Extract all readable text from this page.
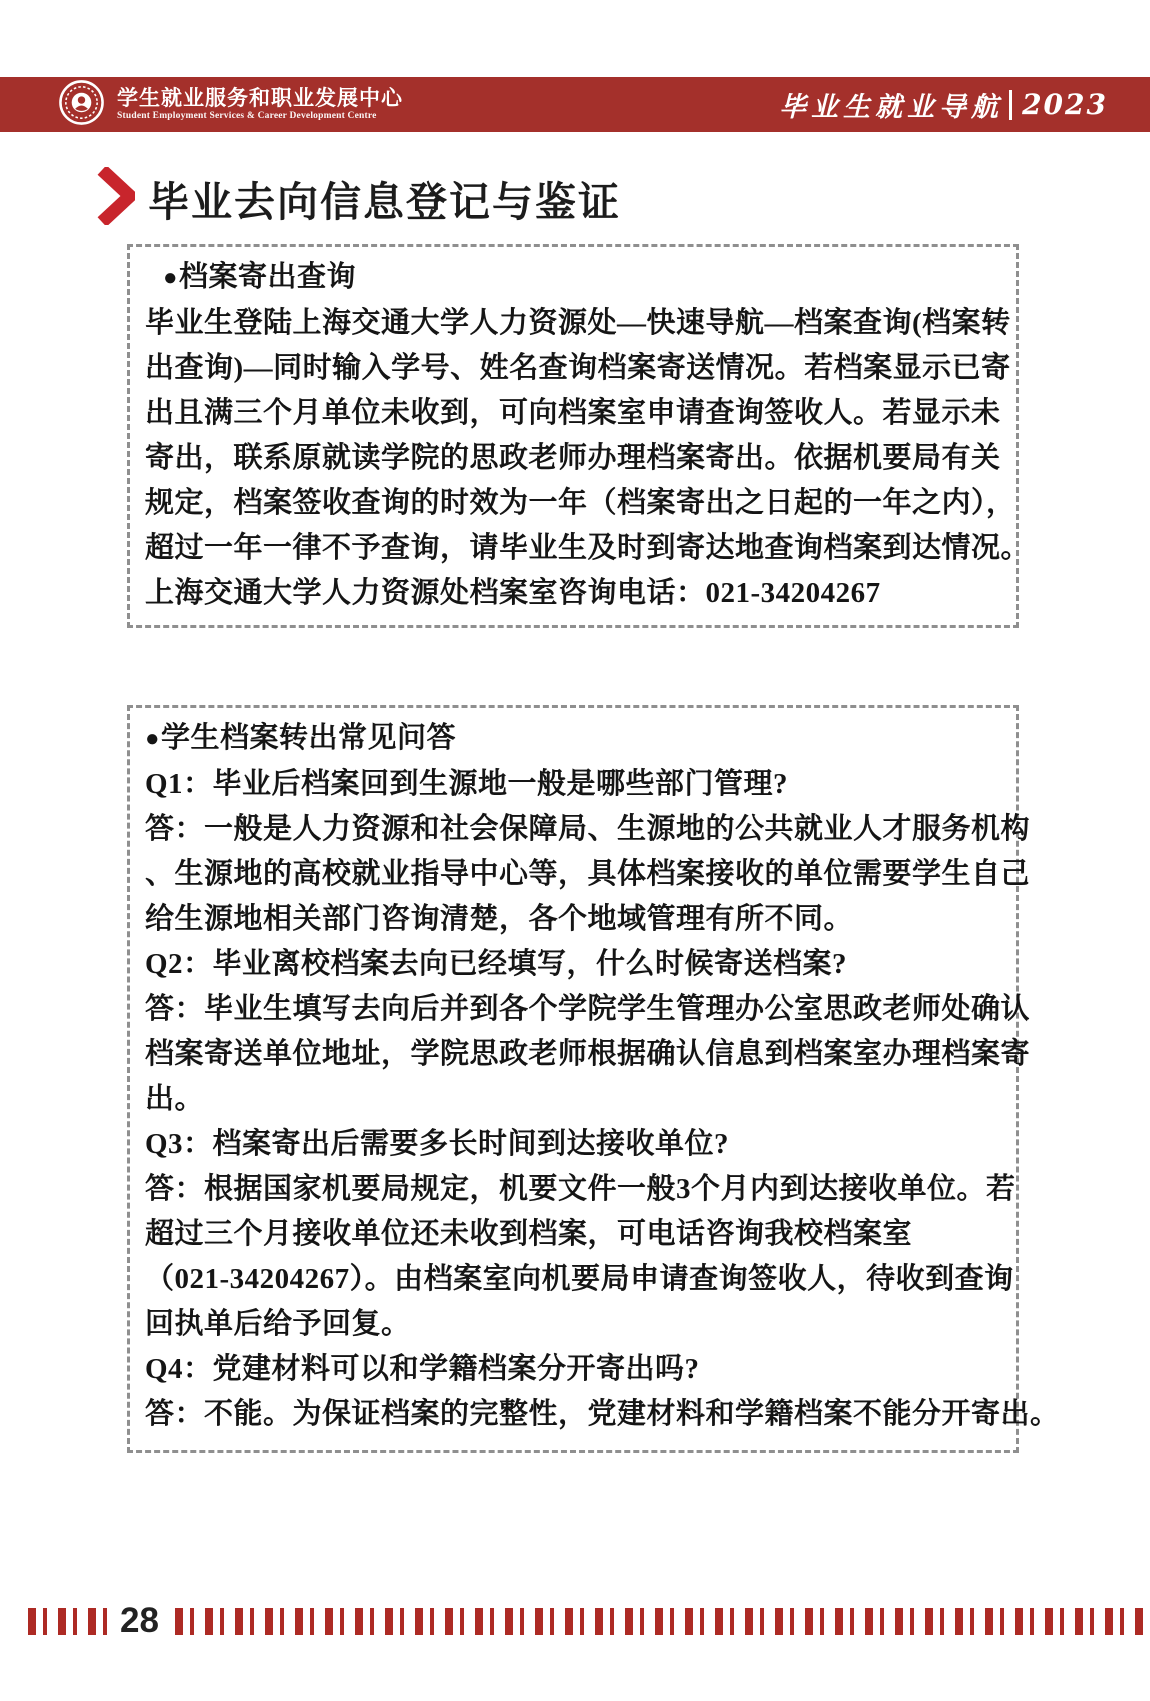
学生就业服务和职业发展中心
Student Employment Services & Career Development Centre	毕业生就业导航 2023
毕业去向信息登记与鉴证
●档案寄出查询
毕业生登陆上海交通大学人力资源处—快速导航—档案查询(档案转
出查询)—同时输入学号、姓名查询档案寄送情况。若档案显示已寄
出且满三个月单位未收到，可向档案室申请查询签收人。若显示未
寄出，联系原就读学院的思政老师办理档案寄出。依据机要局有关
规定，档案签收查询的时效为一年（档案寄出之日起的一年之内），
超过一年一律不予查询，请毕业生及时到寄达地查询档案到达情况。
上海交通大学人力资源处档案室咨询电话：021-34204267
●学生档案转出常见问答
Q1：毕业后档案回到生源地一般是哪些部门管理?
答：一般是人力资源和社会保障局、生源地的公共就业人才服务机构
、生源地的高校就业指导中心等，具体档案接收的单位需要学生自己
给生源地相关部门咨询清楚，各个地域管理有所不同。
Q2：毕业离校档案去向已经填写，什么时候寄送档案?
答：毕业生填写去向后并到各个学院学生管理办公室思政老师处确认
档案寄送单位地址，学院思政老师根据确认信息到档案室办理档案寄
出。
Q3：档案寄出后需要多长时间到达接收单位?
答：根据国家机要局规定，机要文件一般3个月内到达接收单位。若
超过三个月接收单位还未收到档案，可电话咨询我校档案室
（021-34204267）。由档案室向机要局申请查询签收人，待收到查询
回执单后给予回复。
Q4：党建材料可以和学籍档案分开寄出吗?
答：不能。为保证档案的完整性，党建材料和学籍档案不能分开寄出。
28
